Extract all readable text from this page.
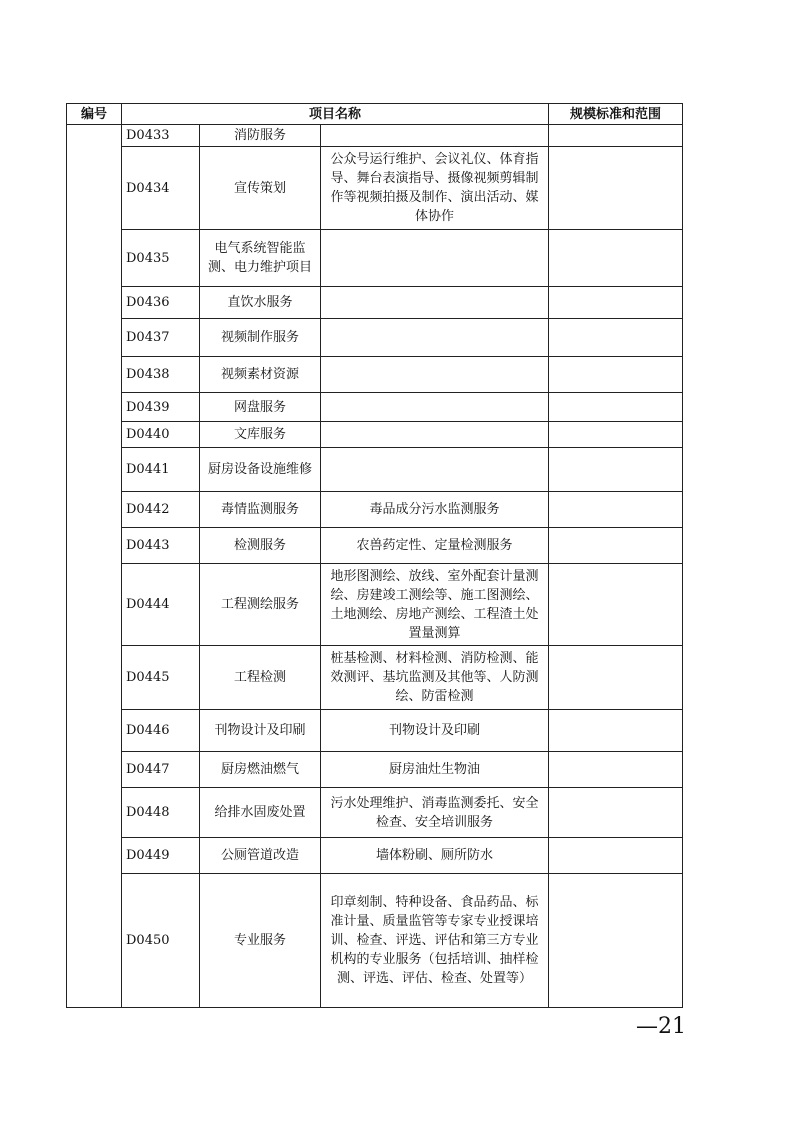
编号	项目名称			规模标准和范围
	D0433	消防服务		
	D0434	宣传策划	公众号运行维护、会议礼仪、体育指导、舞台表演指导、摄像视频剪辑制作等视频拍摄及制作、演出活动、媒体协作	
	D0435	电气系统智能监测、电力维护项目		
	D0436	直饮水服务		
	D0437	视频制作服务		
	D0438	视频素材资源		
	D0439	网盘服务		
	D0440	文库服务		
	D0441	厨房设备设施维修		
	D0442	毒情监测服务	毒品成分污水监测服务	
	D0443	检测服务	农兽药定性、定量检测服务	
	D0444	工程测绘服务	地形图测绘、放线、室外配套计量测绘、房建竣工测绘等、施工图测绘、土地测绘、房地产测绘、工程渣土处置量测算	
	D0445	工程检测	桩基检测、材料检测、消防检测、能效测评、基坑监测及其他等、人防测绘、防雷检测	
	D0446	刊物设计及印刷	刊物设计及印刷	
	D0447	厨房燃油燃气	厨房油灶生物油	
	D0448	给排水固废处置	污水处理维护、消毒监测委托、安全检查、安全培训服务	
	D0449	公厕管道改造	墙体粉刷、厕所防水	
	D0450	专业服务	印章刻制、特种设备、食品药品、标准计量、质量监管等专家专业授课培训、检查、评选、评估和第三方专业机构的专业服务（包括培训、抽样检测、评选、评估、检查、处置等）	
—21
